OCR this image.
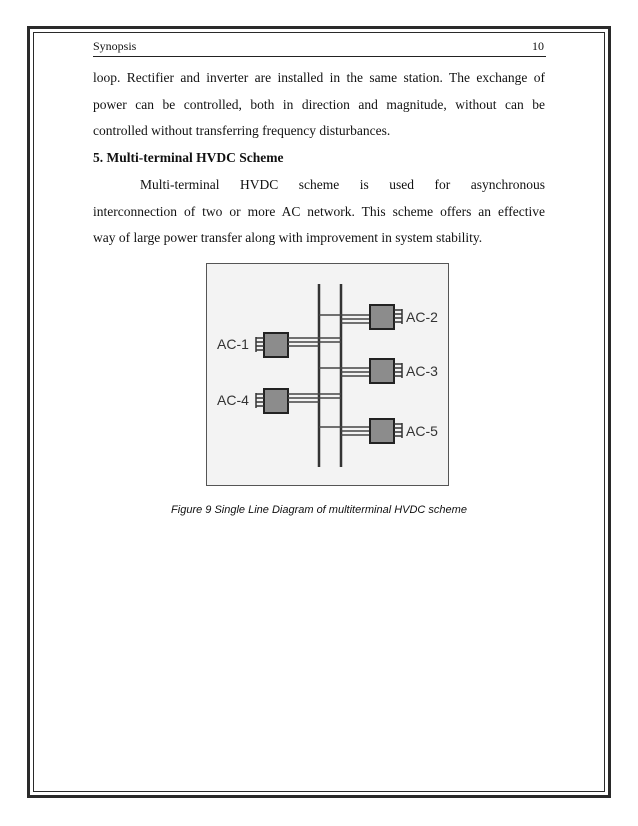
Synopsis	10
loop. Rectifier and inverter are installed in the same station. The exchange of
power can be controlled, both in direction and magnitude, without can be
controlled without transferring frequency disturbances.
5. Multi-terminal HVDC Scheme
Multi-terminal HVDC scheme is used for asynchronous
interconnection of two or more AC network. This scheme offers an effective
way of large power transfer along with improvement in system stability.
AC-2
AC-3
AC-5
AC-1
AC-4
Figure 9 Single Line Diagram of multiterminal HVDC scheme
